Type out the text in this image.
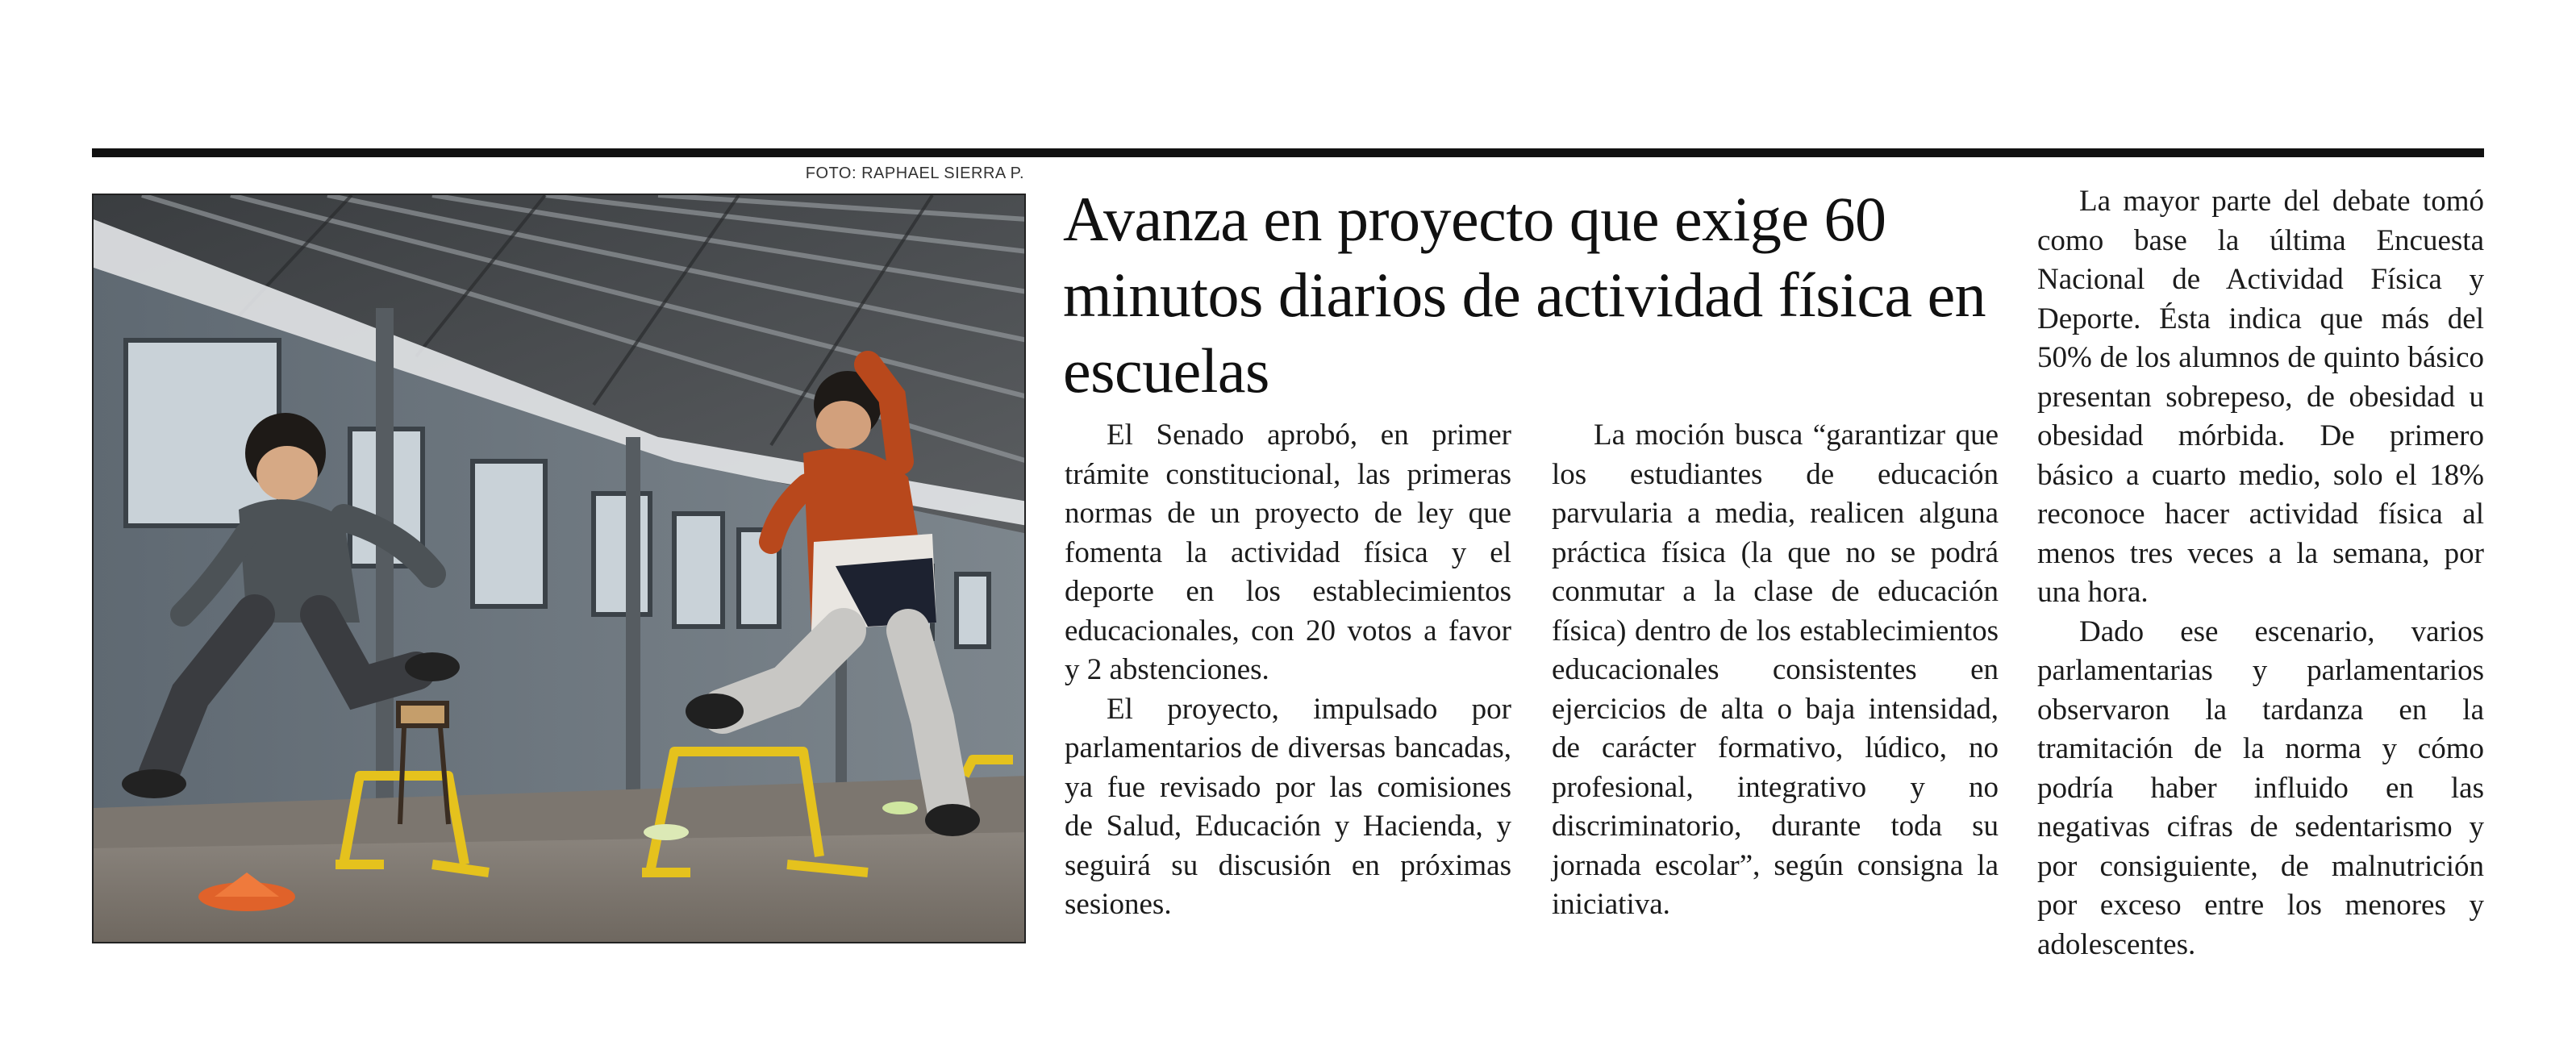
FOTO: RAPHAEL SIERRA P.
Avanza en proyecto que exige 60 minutos diarios de actividad física en escuelas

El Senado aprobó, en primer trámite constitucional, las primeras normas de un proyecto de ley que fomenta la actividad física y el deporte en los establecimientos educacionales, con 20 votos a favor y 2 abstenciones.

El proyecto, impulsado por parlamentarios de diversas bancadas, ya fue revisado por las comisiones de Salud, Educación y Hacienda, y seguirá su discusión en próximas sesiones.

La moción busca “garantizar que los estudiantes de educación parvularia a media, realicen alguna práctica física (la que no se podrá conmutar a la clase de educación física) dentro de los establecimientos educacionales consistentes en ejercicios de alta o baja intensidad, de carácter formativo, lúdico, no profesional, integrativo y no discriminatorio, durante toda su jornada escolar”, según consigna la iniciativa.

La mayor parte del debate tomó como base la última Encuesta Nacional de Actividad Física y Deporte. Ésta indica que más del 50% de los alumnos de quinto básico presentan sobrepeso, de obesidad u obesidad mórbida. De primero básico a cuarto medio, solo el 18% reconoce hacer actividad física al menos tres veces a la semana, por una hora.

Dado ese escenario, varios parlamentarias y parlamentarios observaron la tardanza en la tramitación de la norma y cómo podría haber influido en las negativas cifras de sedentarismo y por consiguiente, de malnutrición por exceso entre los menores y adolescentes.
